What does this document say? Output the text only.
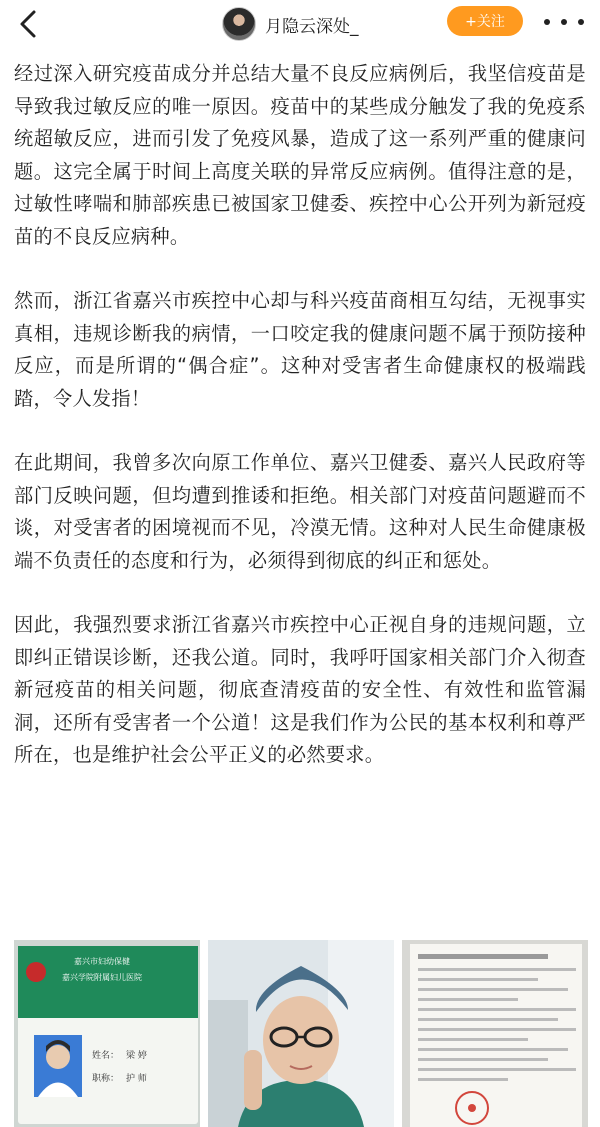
月隐云深处_	+关注

经过深入研究疫苗成分并总结大量不良反应病例后，我坚信疫苗是导致我过敏反应的唯一原因。疫苗中的某些成分触发了我的免疫系统超敏反应，进而引发了免疫风暴，造成了这一系列严重的健康问题。这完全属于时间上高度关联的异常反应病例。值得注意的是，过敏性哮喘和肺部疾患已被国家卫健委、疾控中心公开列为新冠疫苗的不良反应病种。

然而，浙江省嘉兴市疾控中心却与科兴疫苗商相互勾结，无视事实真相，违规诊断我的病情，一口咬定我的健康问题不属于预防接种反应，而是所谓的“偶合症”。这种对受害者生命健康权的极端践踏，令人发指！

在此期间，我曾多次向原工作单位、嘉兴卫健委、嘉兴人民政府等部门反映问题，但均遭到推诿和拒绝。相关部门对疫苗问题避而不谈，对受害者的困境视而不见，冷漠无情。这种对人民生命健康极端不负责任的态度和行为，必须得到彻底的纠正和惩处。

因此，我强烈要求浙江省嘉兴市疾控中心正视自身的违规问题，立即纠正错误诊断，还我公道。同时，我呼吁国家相关部门介入彻查新冠疫苗的相关问题，彻底查清疫苗的安全性、有效性和监管漏洞，还所有受害者一个公道！这是我们作为公民的基本权利和尊严所在，也是维护社会公平正义的必然要求。

嘉兴市妇幼保健
嘉兴学院附属妇儿医院
姓名： 梁 婷
职称： 护 师
